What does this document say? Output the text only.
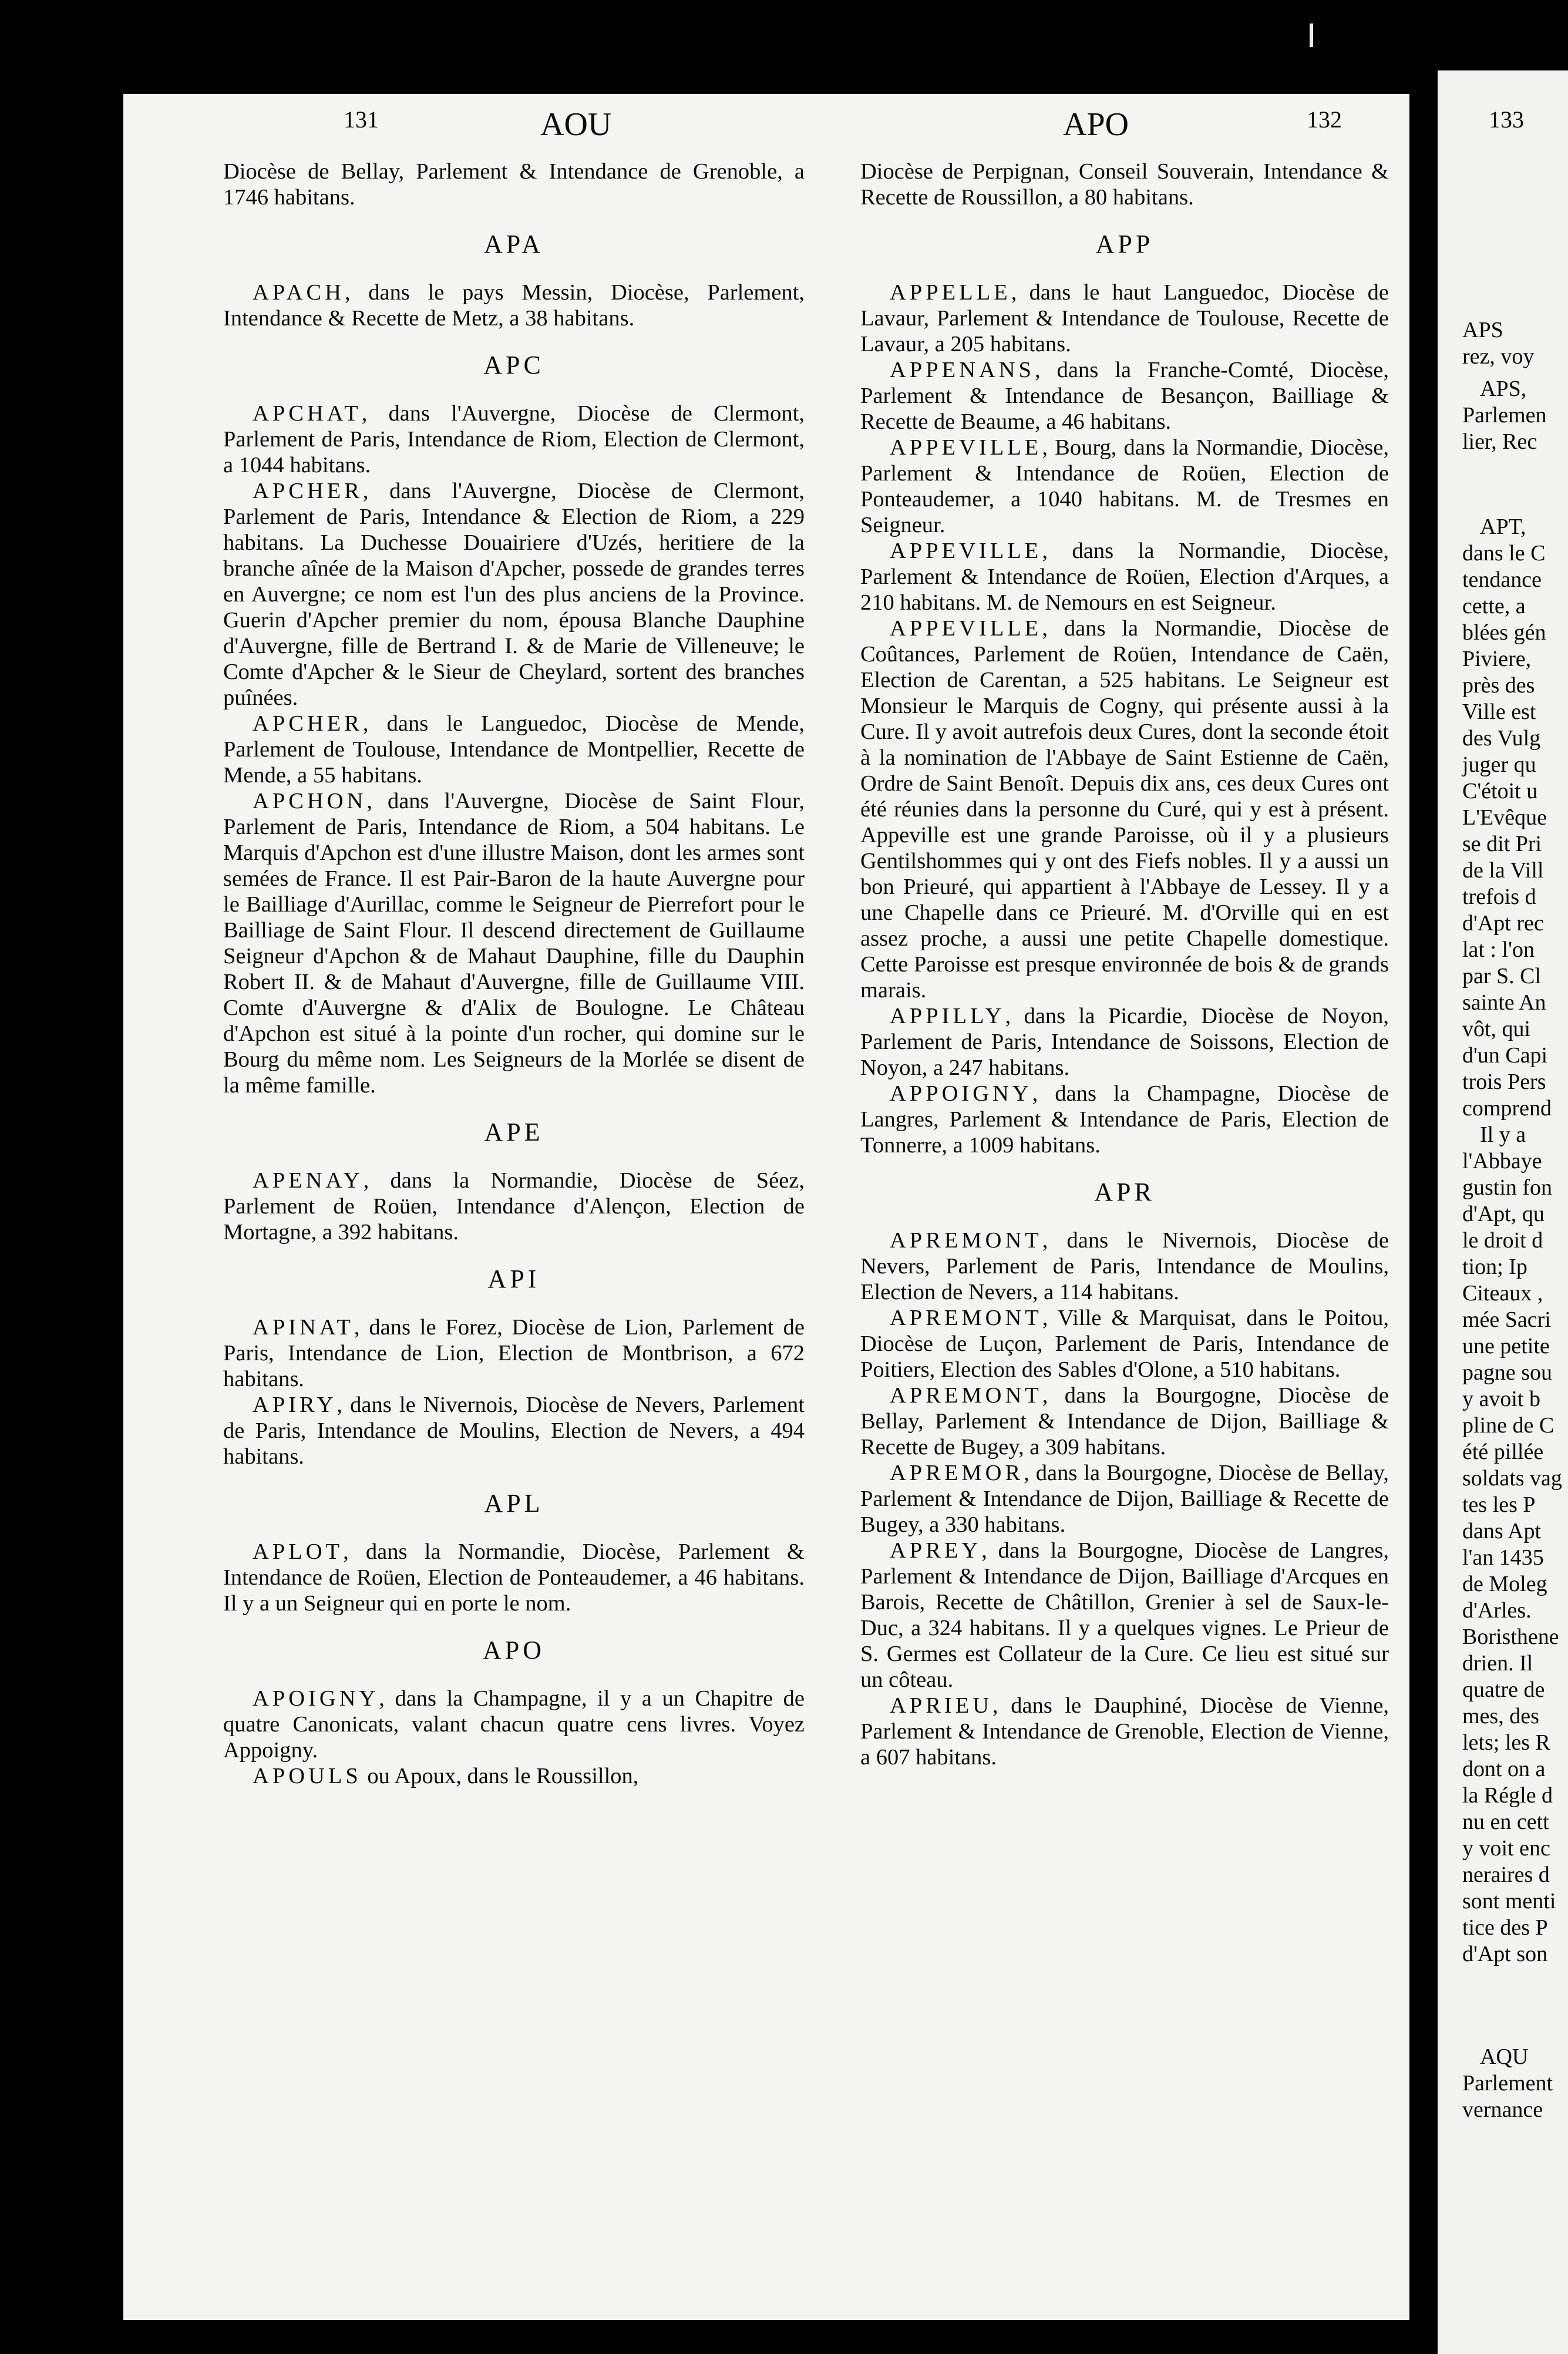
131	AOU	APO	132	133

Diocèse de Bellay, Parlement & Intendance de Grenoble, a 1746 habitans.

APA

APACH, dans le pays Messin, Diocèse, Parlement, Intendance & Recette de Metz, a 38 habitans.

APC

APCHAT, dans l'Auvergne, Diocèse de Clermont, Parlement de Paris, Intendance de Riom, Election de Clermont, a 1044 habitans.

APCHER, dans l'Auvergne, Diocèse de Clermont, Parlement de Paris, Intendance & Election de Riom, a 229 habitans. La Duchesse Douairiere d'Uzés, heritiere de la branche aînée de la Maison d'Apcher, possede de grandes terres en Auvergne; ce nom est l'un des plus anciens de la Province. Guerin d'Apcher premier du nom, épousa Blanche Dauphine d'Auvergne, fille de Bertrand I. & de Marie de Villeneuve; le Comte d'Apcher & le Sieur de Cheylard, sortent des branches puînées.

APCHER, dans le Languedoc, Diocèse de Mende, Parlement de Toulouse, Intendance de Montpellier, Recette de Mende, a 55 habitans.

APCHON, dans l'Auvergne, Diocèse de Saint Flour, Parlement de Paris, Intendance de Riom, a 504 habitans. Le Marquis d'Apchon est d'une illustre Maison, dont les armes sont semées de France. Il est Pair-Baron de la haute Auvergne pour le Bailliage d'Aurillac, comme le Seigneur de Pierrefort pour le Bailliage de Saint Flour. Il descend directement de Guillaume Seigneur d'Apchon & de Mahaut Dauphine, fille du Dauphin Robert II. & de Mahaut d'Auvergne, fille de Guillaume VIII. Comte d'Auvergne & d'Alix de Boulogne. Le Château d'Apchon est situé à la pointe d'un rocher, qui domine sur le Bourg du même nom. Les Seigneurs de la Morlée se disent de la même famille.

APE

APENAY, dans la Normandie, Diocèse de Séez, Parlement de Roüen, Intendance d'Alençon, Election de Mortagne, a 392 habitans.

API

APINAT, dans le Forez, Diocèse de Lion, Parlement de Paris, Intendance de Lion, Election de Montbrison, a 672 habitans.

APIRY, dans le Nivernois, Diocèse de Nevers, Parlement de Paris, Intendance de Moulins, Election de Nevers, a 494 habitans.

APL

APLOT, dans la Normandie, Diocèse, Parlement & Intendance de Roüen, Election de Ponteaudemer, a 46 habitans. Il y a un Seigneur qui en porte le nom.

APO

APOIGNY, dans la Champagne, il y a un Chapitre de quatre Canonicats, valant chacun quatre cens livres. Voyez Appoigny.

APOULS ou Apoux, dans le Roussillon,

Diocèse de Perpignan, Conseil Souverain, Intendance & Recette de Roussillon, a 80 habitans.

APP

APPELLE, dans le haut Languedoc, Diocèse de Lavaur, Parlement & Intendance de Toulouse, Recette de Lavaur, a 205 habitans.

APPENANS, dans la Franche-Comté, Diocèse, Parlement & Intendance de Besançon, Bailliage & Recette de Beaume, a 46 habitans.

APPEVILLE, Bourg, dans la Normandie, Diocèse, Parlement & Intendance de Roüen, Election de Ponteaudemer, a 1040 habitans. M. de Tresmes en Seigneur.

APPEVILLE, dans la Normandie, Diocèse, Parlement & Intendance de Roüen, Election d'Arques, a 210 habitans. M. de Nemours en est Seigneur.

APPEVILLE, dans la Normandie, Diocèse de Coûtances, Parlement de Roüen, Intendance de Caën, Election de Carentan, a 525 habitans. Le Seigneur est Monsieur le Marquis de Cogny, qui présente aussi à la Cure. Il y avoit autrefois deux Cures, dont la seconde étoit à la nomination de l'Abbaye de Saint Estienne de Caën, Ordre de Saint Benoît. Depuis dix ans, ces deux Cures ont été réunies dans la personne du Curé, qui y est à présent. Appeville est une grande Paroisse, où il y a plusieurs Gentilshommes qui y ont des Fiefs nobles. Il y a aussi un bon Prieuré, qui appartient à l'Abbaye de Lessey. Il y a une Chapelle dans ce Prieuré. M. d'Orville qui en est assez proche, a aussi une petite Chapelle domestique. Cette Paroisse est presque environnée de bois & de grands marais.

APPILLY, dans la Picardie, Diocèse de Noyon, Parlement de Paris, Intendance de Soissons, Election de Noyon, a 247 habitans.

APPOIGNY, dans la Champagne, Diocèse de Langres, Parlement & Intendance de Paris, Election de Tonnerre, a 1009 habitans.

APR

APREMONT, dans le Nivernois, Diocèse de Nevers, Parlement de Paris, Intendance de Moulins, Election de Nevers, a 114 habitans.

APREMONT, Ville & Marquisat, dans le Poitou, Diocèse de Luçon, Parlement de Paris, Intendance de Poitiers, Election des Sables d'Olone, a 510 habitans.

APREMONT, dans la Bourgogne, Diocèse de Bellay, Parlement & Intendance de Dijon, Bailliage & Recette de Bugey, a 309 habitans.

APREMOR, dans la Bourgogne, Diocèse de Bellay, Parlement & Intendance de Dijon, Bailliage & Recette de Bugey, a 330 habitans.

APREY, dans la Bourgogne, Diocèse de Langres, Parlement & Intendance de Dijon, Bailliage d'Arcques en Barois, Recette de Châtillon, Grenier à sel de Saux-le-Duc, a 324 habitans. Il y a quelques vignes. Le Prieur de S. Germes est Collateur de la Cure. Ce lieu est situé sur un côteau.

APRIEU, dans le Dauphiné, Diocèse de Vienne, Parlement & Intendance de Grenoble, Election de Vienne, a 607 habitans.

APS
rez, voy
APS,
Parlemen
lier, Rec
APT,
dans le C
tendance
cette, a
blées gén
Piviere,
près des
Ville est
des Vulg
juger qu
C'étoit u
L'Evêque
se dit Pri
de la Vill
trefois d
d'Apt rec
lat : l'on
par S. Cl
sainte An
vôt, qui
d'un Capi
trois Pers
comprend
Il y a
l'Abbaye
gustin fon
d'Apt, qu
le droit d
tion; Ip
Citeaux ,
mée Sacri
une petite
pagne sou
y avoit b
pline de C
été pillée
soldats vag
tes les P
dans Apt
l'an 1435
de Moleg
d'Arles.
Boristhene
drien. Il
quatre de
mes, des
lets; les R
dont on a
la Régle d
nu en cett
y voit enc
neraires d
sont menti
tice des P
d'Apt son
AQU
Parlement
vernance
